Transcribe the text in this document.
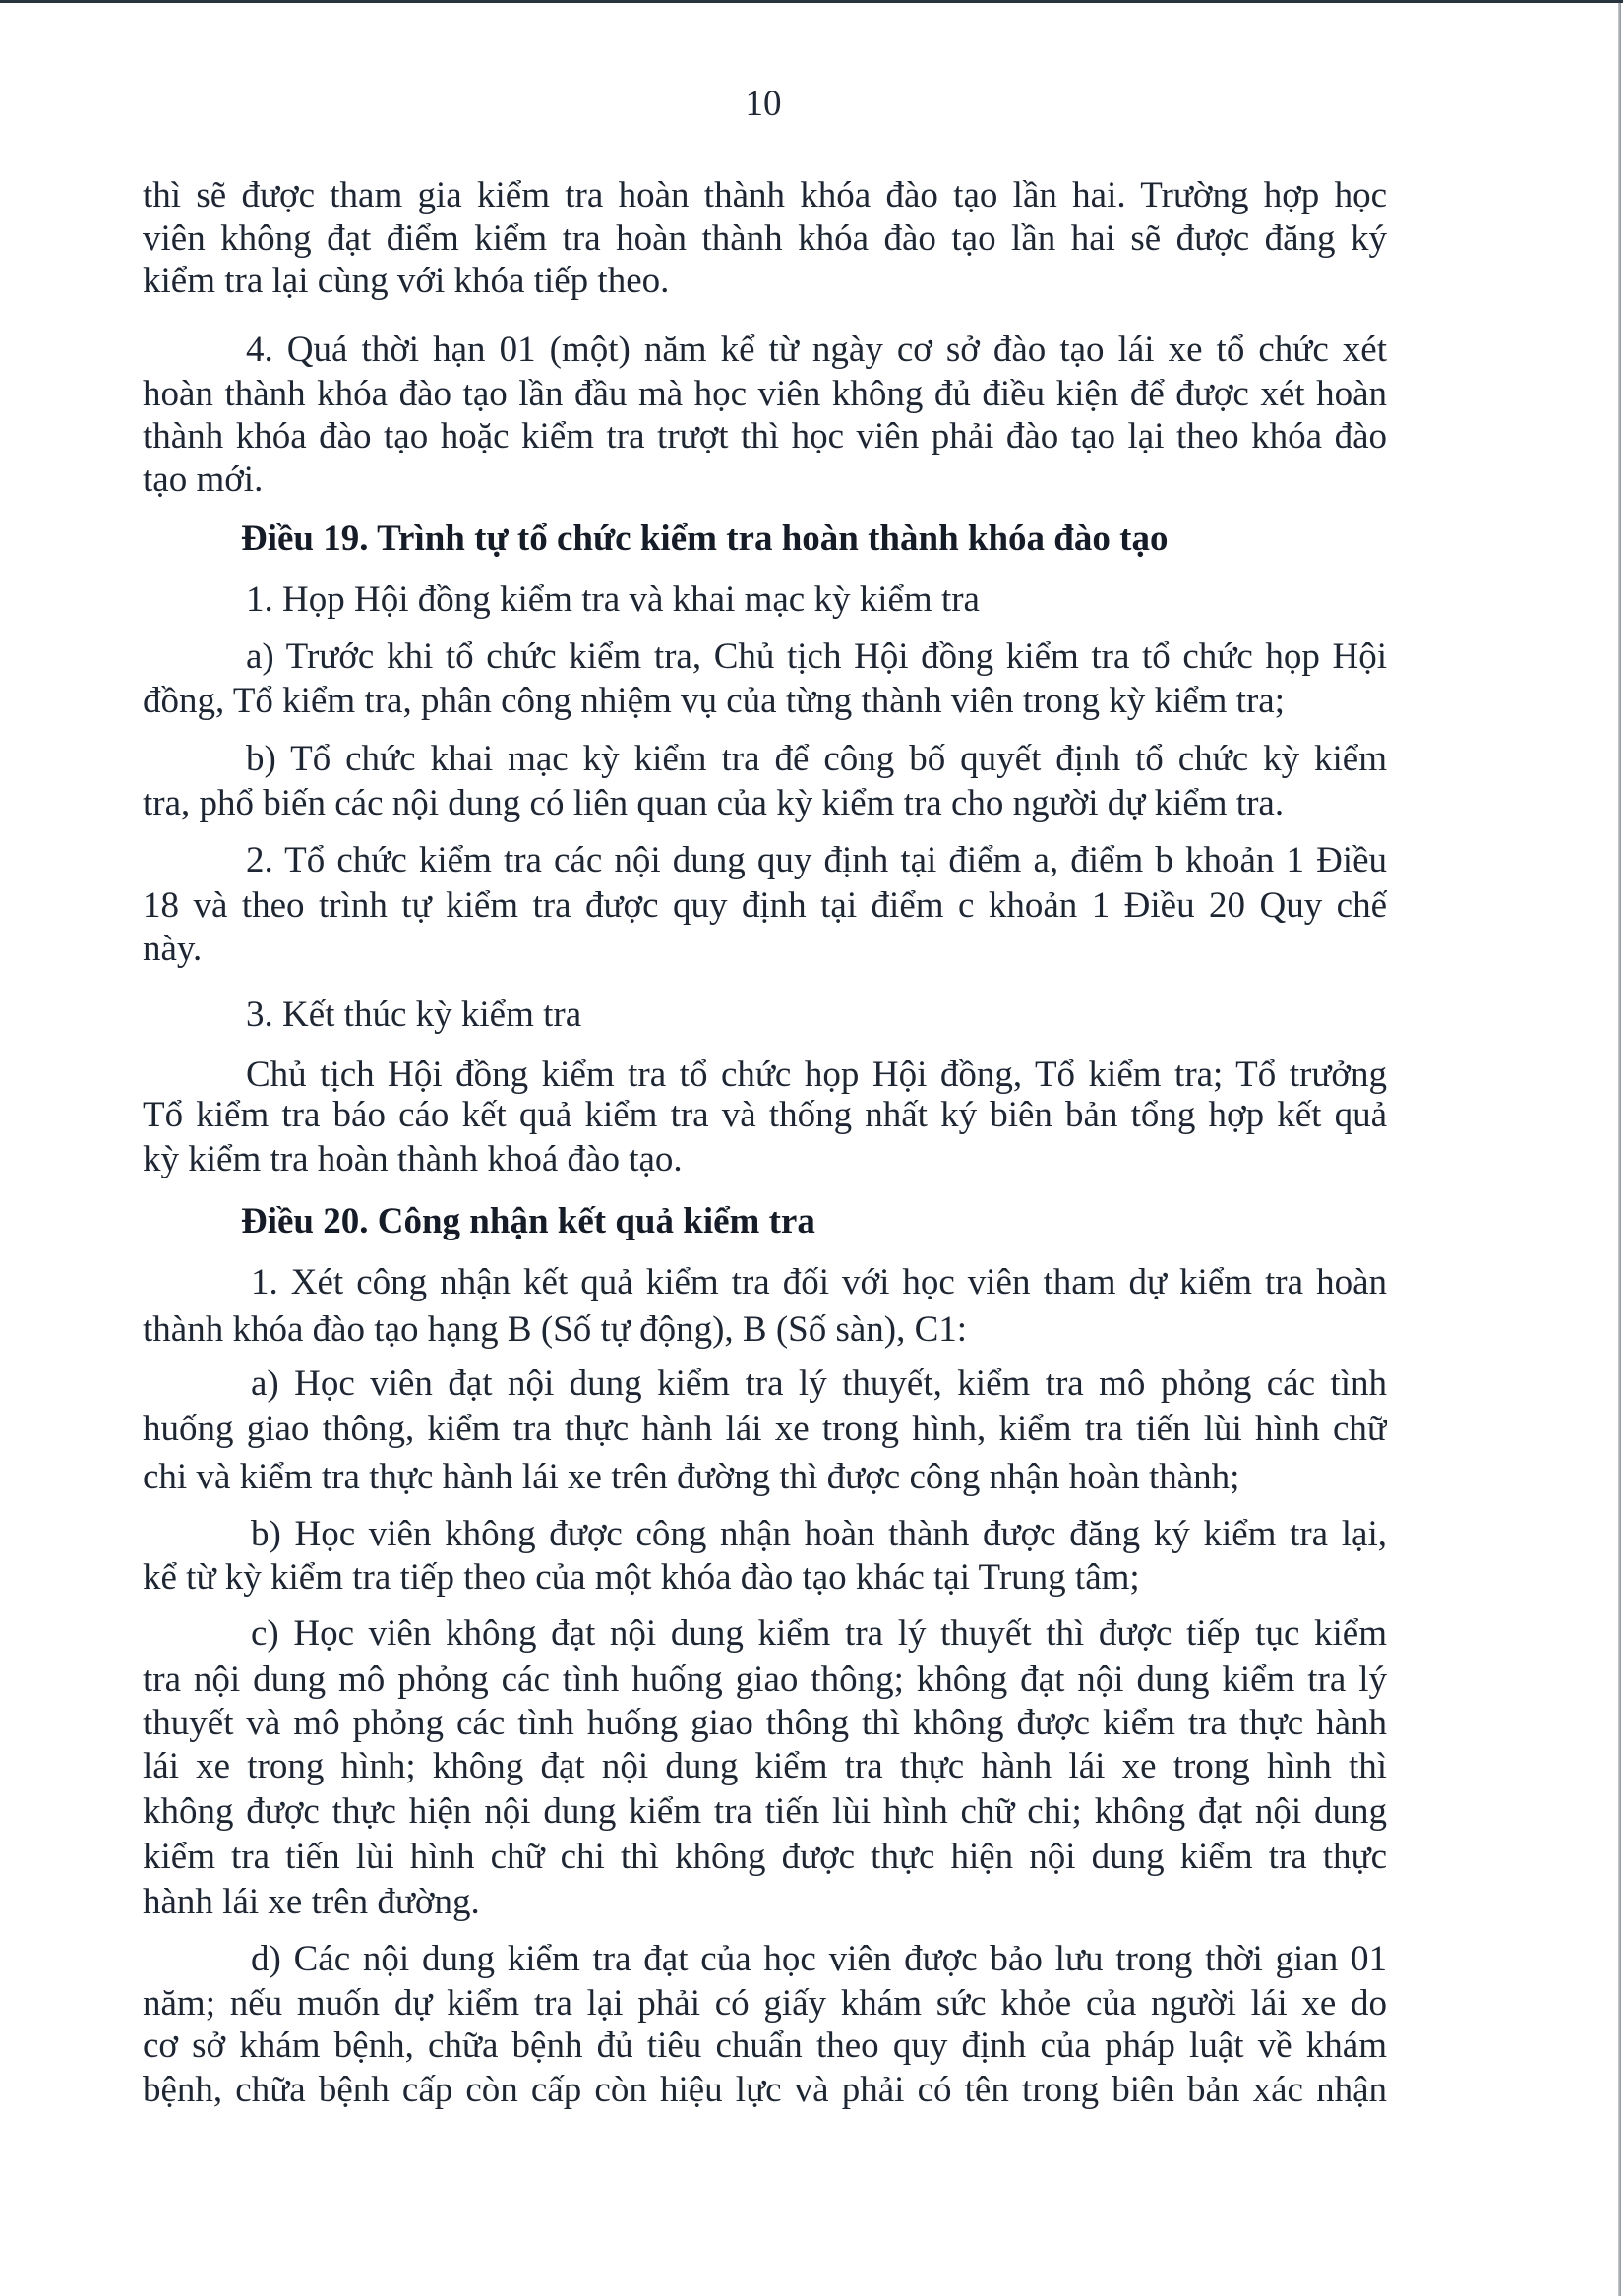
10
thì sẽ được tham gia kiểm tra hoàn thành khóa đào tạo lần hai. Trường hợp học
viên không đạt điểm kiểm tra hoàn thành khóa đào tạo lần hai sẽ được đăng ký
kiểm tra lại cùng với khóa tiếp theo.
4. Quá thời hạn 01 (một) năm kể từ ngày cơ sở đào tạo lái xe tổ chức xét
hoàn thành khóa đào tạo lần đầu mà học viên không đủ điều kiện để được xét hoàn
thành khóa đào tạo hoặc kiểm tra trượt thì học viên phải đào tạo lại theo khóa đào
tạo mới.
Điều 19. Trình tự tổ chức kiểm tra hoàn thành khóa đào tạo
1. Họp Hội đồng kiểm tra và khai mạc kỳ kiểm tra
a) Trước khi tổ chức kiểm tra, Chủ tịch Hội đồng kiểm tra tổ chức họp Hội
đồng, Tổ kiểm tra, phân công nhiệm vụ của từng thành viên trong kỳ kiểm tra;
b) Tổ chức khai mạc kỳ kiểm tra để công bố quyết định tổ chức kỳ kiểm
tra, phổ biến các nội dung có liên quan của kỳ kiểm tra cho người dự kiểm tra.
2. Tổ chức kiểm tra các nội dung quy định tại điểm a, điểm b khoản 1 Điều
18 và theo trình tự kiểm tra được quy định tại điểm c khoản 1 Điều 20 Quy chế
này.
3. Kết thúc kỳ kiểm tra
Chủ tịch Hội đồng kiểm tra tổ chức họp Hội đồng, Tổ kiểm tra; Tổ trưởng
Tổ kiểm tra báo cáo kết quả kiểm tra và thống nhất ký biên bản tổng hợp kết quả
kỳ kiểm tra hoàn thành khoá đào tạo.
Điều 20. Công nhận kết quả kiểm tra
1. Xét công nhận kết quả kiểm tra đối với học viên tham dự kiểm tra hoàn
thành khóa đào tạo hạng B (Số tự động), B (Số sàn), C1:
a) Học viên đạt nội dung kiểm tra lý thuyết, kiểm tra mô phỏng các tình
huống giao thông, kiểm tra thực hành lái xe trong hình, kiểm tra tiến lùi hình chữ
chi và kiểm tra thực hành lái xe trên đường thì được công nhận hoàn thành;
b) Học viên không được công nhận hoàn thành được đăng ký kiểm tra lại,
kể từ kỳ kiểm tra tiếp theo của một khóa đào tạo khác tại Trung tâm;
c) Học viên không đạt nội dung kiểm tra lý thuyết thì được tiếp tục kiểm
tra nội dung mô phỏng các tình huống giao thông; không đạt nội dung kiểm tra lý
thuyết và mô phỏng các tình huống giao thông thì không được kiểm tra thực hành
lái xe trong hình; không đạt nội dung kiểm tra thực hành lái xe trong hình thì
không được thực hiện nội dung kiểm tra tiến lùi hình chữ chi; không đạt nội dung
kiểm tra tiến lùi hình chữ chi thì không được thực hiện nội dung kiểm tra thực
hành lái xe trên đường.
d) Các nội dung kiểm tra đạt của học viên được bảo lưu trong thời gian 01
năm; nếu muốn dự kiểm tra lại phải có giấy khám sức khỏe của người lái xe do
cơ sở khám bệnh, chữa bệnh đủ tiêu chuẩn theo quy định của pháp luật về khám
bệnh, chữa bệnh cấp còn cấp còn hiệu lực và phải có tên trong biên bản xác nhận
